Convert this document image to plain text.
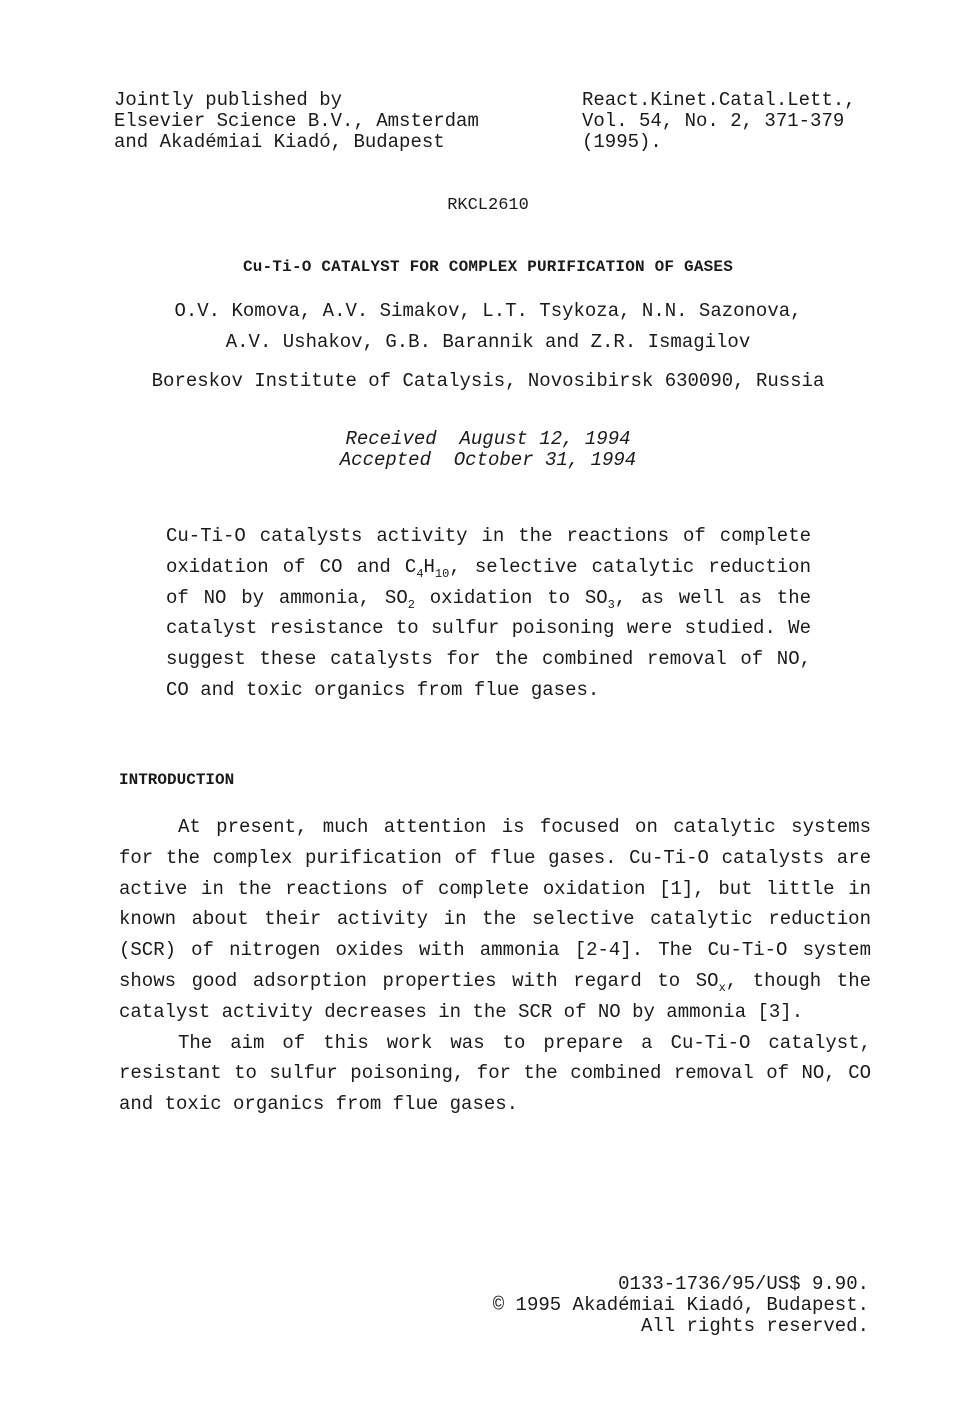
Jointly published by
Elsevier Science B.V., Amsterdam
and Akadémiai Kiadó, Budapest
React.Kinet.Catal.Lett.,
Vol. 54, No. 2, 371-379
(1995).
RKCL2610
Cu-Ti-O CATALYST FOR COMPLEX PURIFICATION OF GASES
O.V. Komova, A.V. Simakov, L.T. Tsykoza, N.N. Sazonova,
A.V. Ushakov, G.B. Barannik and Z.R. Ismagilov
Boreskov Institute of Catalysis, Novosibirsk 630090, Russia
Received  August 12, 1994
Accepted  October 31, 1994
Cu-Ti-O catalysts activity in the reactions of complete oxidation of CO and $C_4H_{10}$, selective catalytic reduction of NO by ammonia, $SO_2$ oxidation to $SO_3$, as well as the catalyst resistance to sulfur poisoning were studied. We suggest these catalysts for the combined removal of NO, CO and toxic organics from flue gases.
INTRODUCTION

At present, much attention is focused on catalytic systems for the complex purification of flue gases. Cu-Ti-O catalysts are active in the reactions of complete oxidation [1], but little in known about their activity in the selective catalytic reduction (SCR) of nitrogen oxides with ammonia [2-4]. The Cu-Ti-O system shows good adsorption properties with regard to $SO_x$, though the catalyst activity decreases in the SCR of NO by ammonia [3].

The aim of this work was to prepare a Cu-Ti-O catalyst, resistant to sulfur poisoning, for the combined removal of NO, CO and toxic organics from flue gases.

0133-1736/95/US$ 9.90.
© 1995 Akadémiai Kiadó, Budapest.
All rights reserved.
